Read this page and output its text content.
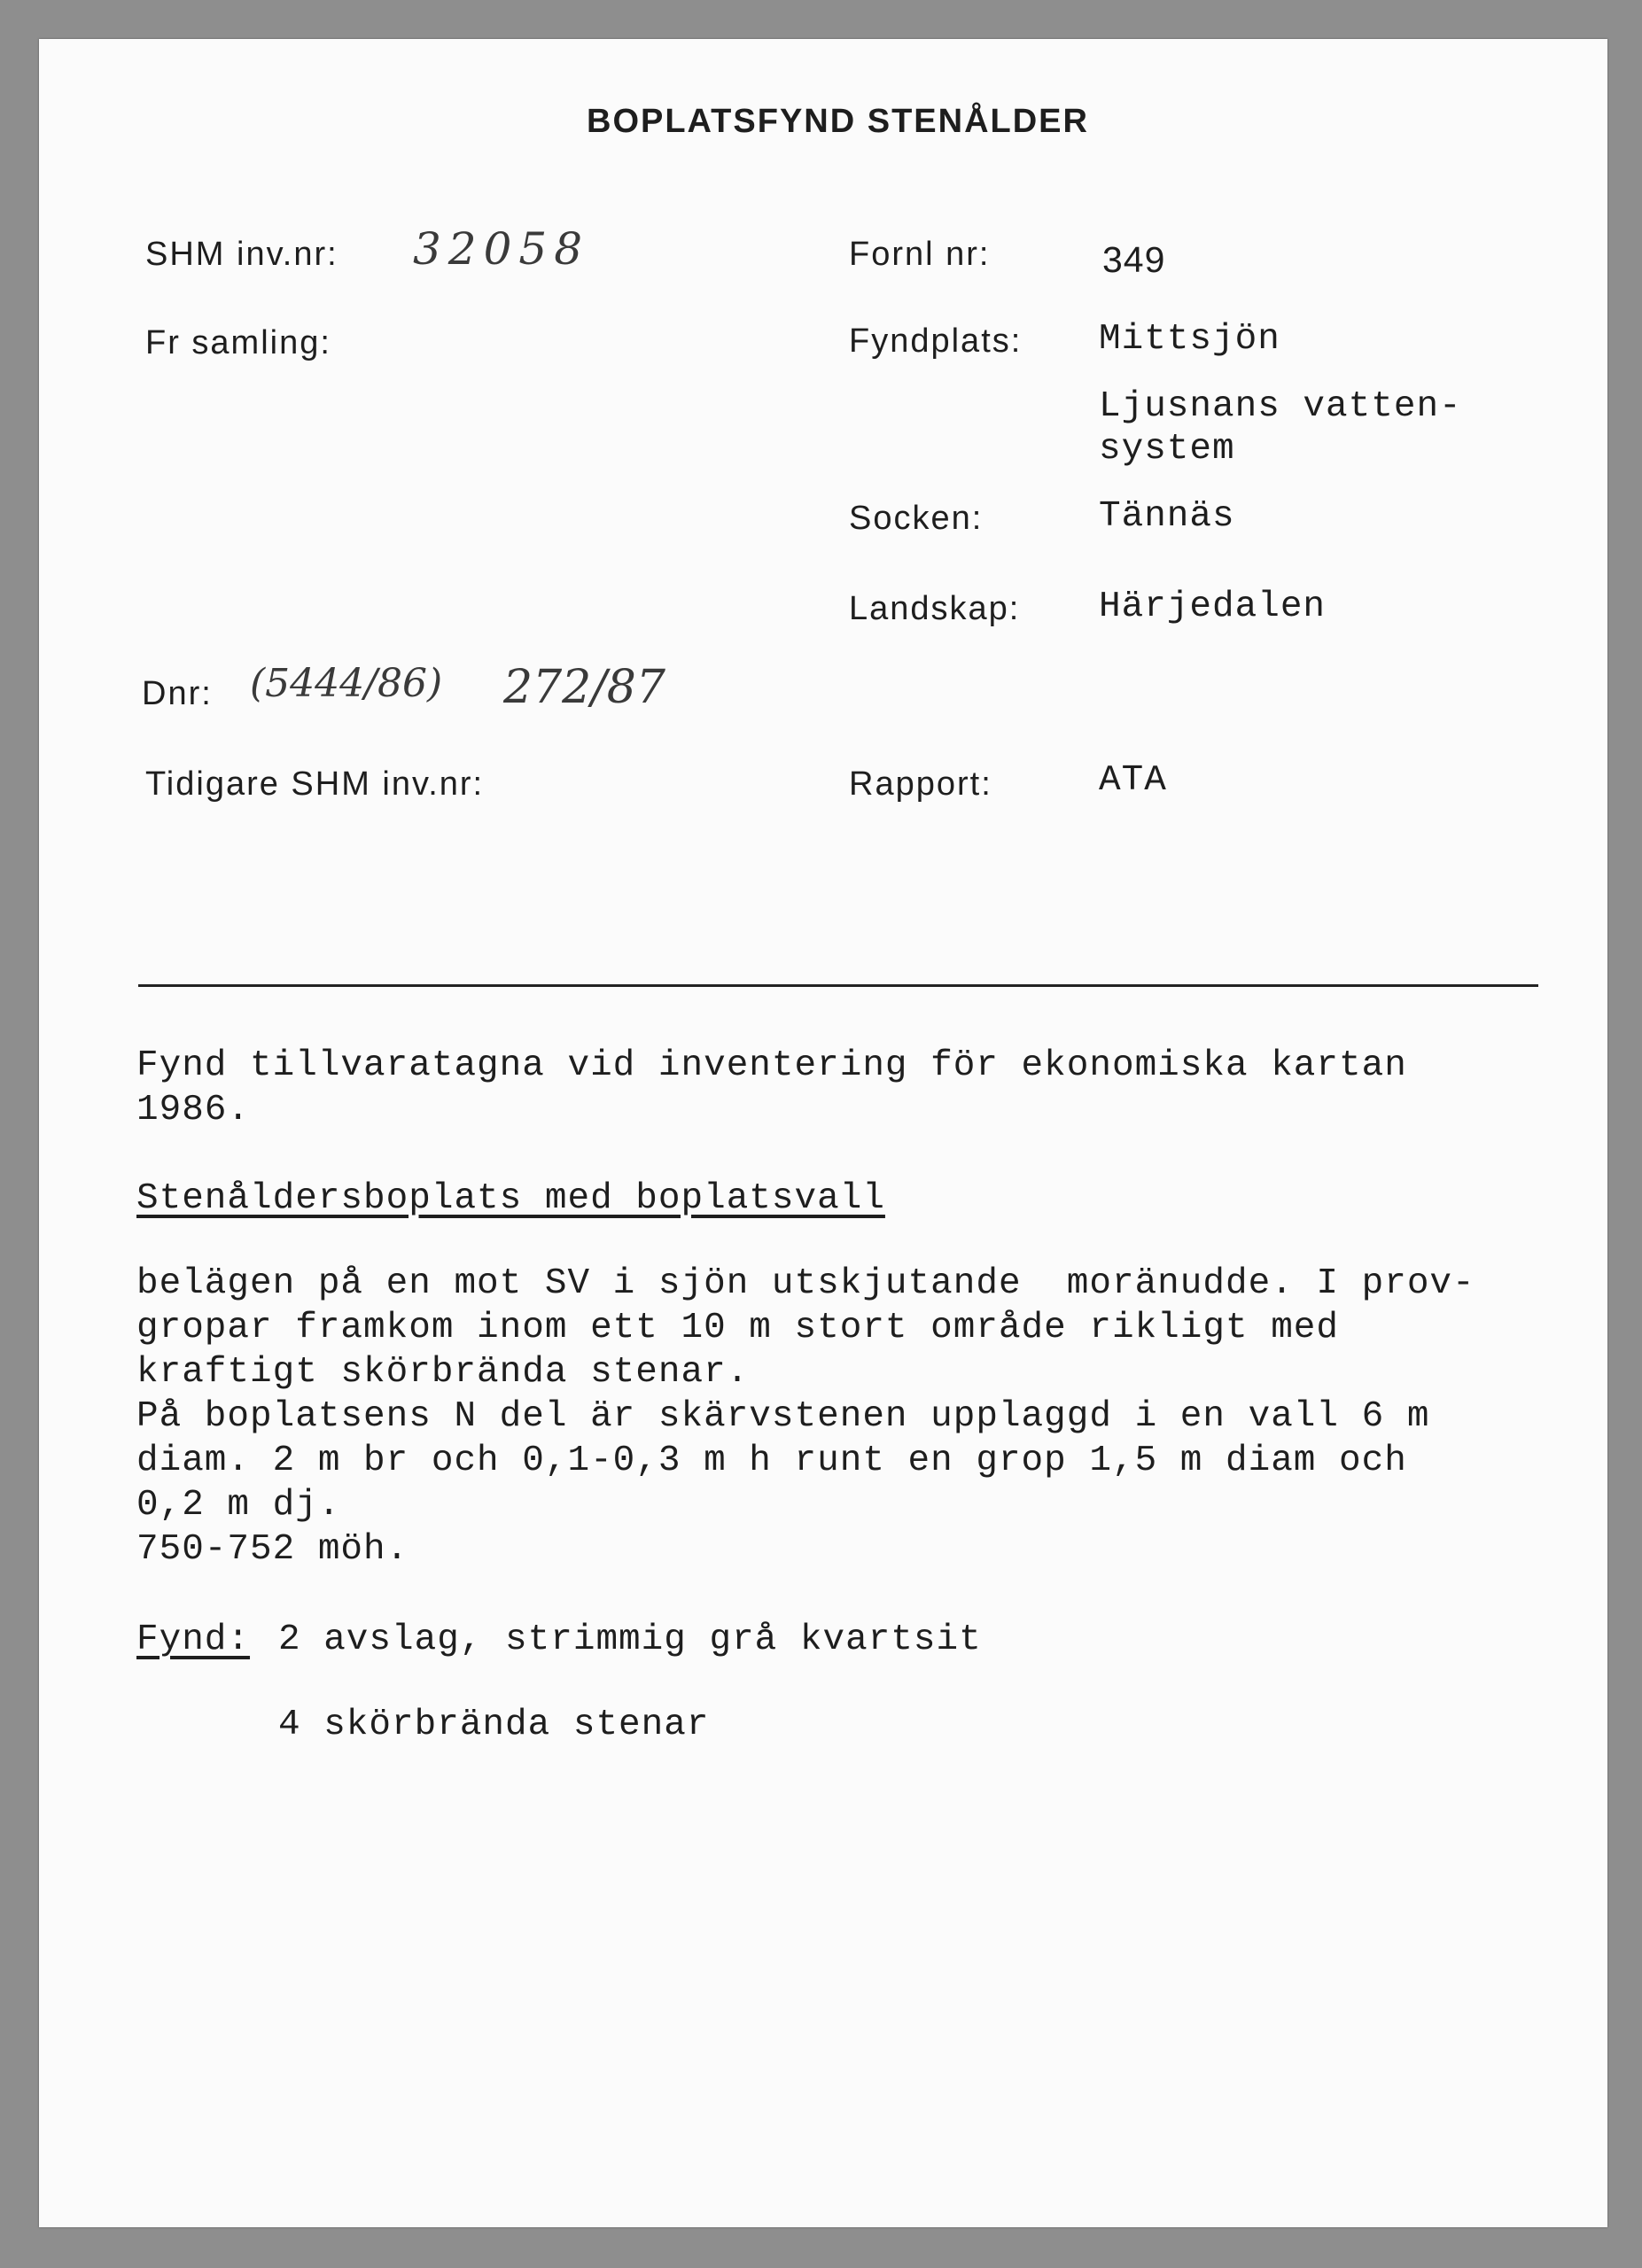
BOPLATSFYND STENÅLDER
SHM inv.nr: 32058
Fr samling:
Dnr: (5444/86) 272/87
Tidigare SHM inv.nr:
Fornl nr:	349
Fyndplats: Mittsjön
Ljusnans vatten-
system
Socken:	Tännäs
Landskap: Härjedalen
Rapport:	ATA
Fynd tillvaratagna vid inventering för ekonomiska kartan
1986.
Stenåldersboplats med boplatsvall
belägen på en mot SV i sjön utskjutande  moränudde. I prov-
gropar framkom inom ett 10 m stort område rikligt med
kraftigt skörbrända stenar.
På boplatsens N del är skärvstenen upplaggd i en vall 6 m
diam. 2 m br och 0,1-0,3 m h runt en grop 1,5 m diam och
0,2 m dj.
750-752 möh.
Fynd: 2 avslag, strimmig grå kvartsit
4 skörbrända stenar
